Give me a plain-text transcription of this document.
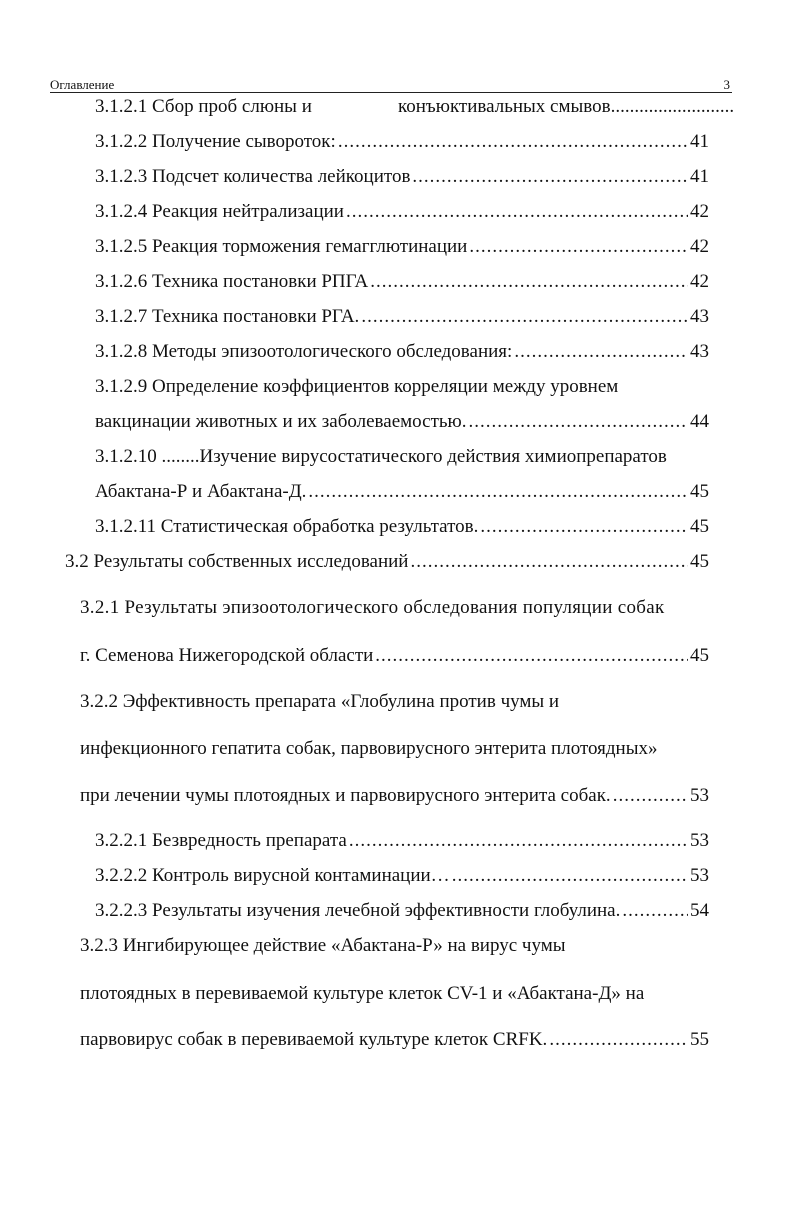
Оглавление	3
3.1.2.1 Сбор проб слюны и	конъюктивальных смывов..........................
3.1.2.2 Получение сывороток: .....	41
3.1.2.3 Подсчет количества лейкоцитов .....	41
3.1.2.4 Реакция нейтрализации .....	42
3.1.2.5 Реакция торможения гемагглютинации .....	42
3.1.2.6 Техника постановки РПГА .....	42
3.1.2.7 Техника постановки РГА. .....	43
3.1.2.8 Методы эпизоотологического обследования: .....	43
3.1.2.9 Определение коэффициентов корреляции между уровнем
вакцинации животных и их заболеваемостью. .....	44
3.1.2.10 ........Изучение вирусостатического действия химиопрепаратов
Абактана-Р и Абактана-Д. .....	45
3.1.2.11 Статистическая обработка результатов. .....	45
3.2 Результаты собственных исследований .....	45
3.2.1 Результаты эпизоотологического обследования популяции собак
г. Семенова Нижегородской области .....	45
3.2.2 Эффективность препарата «Глобулина против чумы и
инфекционного гепатита собак, парвовирусного энтерита плотоядных»
при лечении чумы плотоядных и парвовирусного энтерита собак. .....	53
3.2.2.1 Безвредность препарата .....	53
3.2.2.2 Контроль вирусной контаминации… .....	53
3.2.2.3 Результаты изучения лечебной эффективности глобулина. .....	54
3.2.3 Ингибирующее действие «Абактана-Р» на вирус чумы
плотоядных в перевиваемой культуре клеток CV-1 и «Абактана-Д» на
парвовирус собак в перевиваемой культуре клеток CRFK. .....	55
